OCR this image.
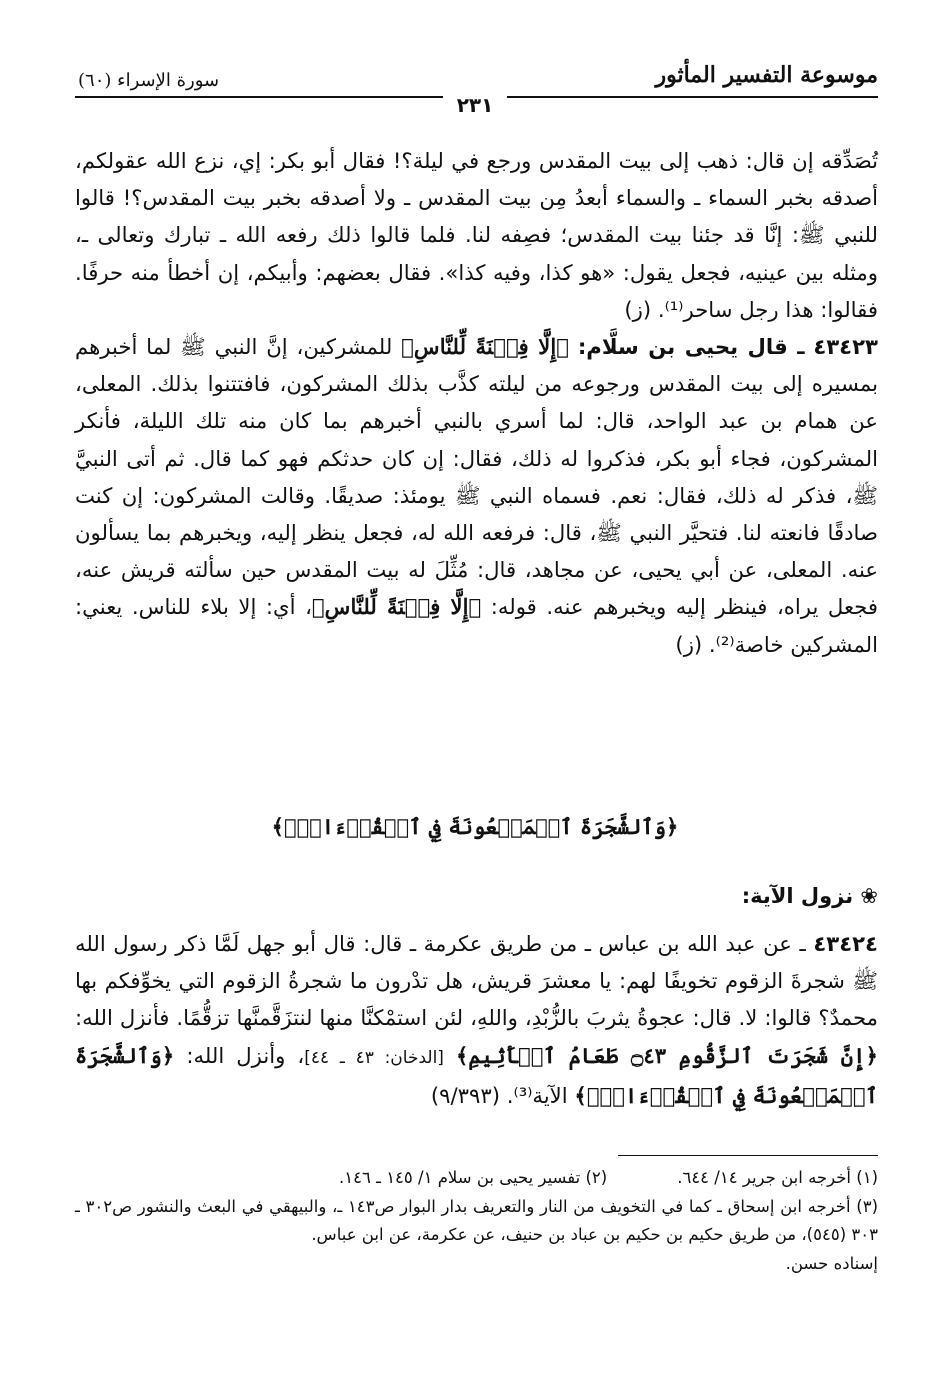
موسوعة التفسير المأثور
سورة الإسراء (٦٠)
٢٣١

تُصَدِّقه إن قال: ذهب إلى بيت المقدس ورجع في ليلة؟! فقال أبو بكر: إي، نزع الله عقولكم، أصدقه بخبر السماء ـ والسماء أبعدُ مِن بيت المقدس ـ ولا أصدقه بخبر بيت المقدس؟! قالوا للنبي ﷺ: إنَّا قد جئنا بيت المقدس؛ فصِفه لنا. فلما قالوا ذلك رفعه الله ـ تبارك وتعالى ـ، ومثله بين عينيه، فجعل يقول: «هو كذا، وفيه كذا». فقال بعضهم: وأبيكم، إن أخطأ منه حرفًا. فقالوا: هذا رجل ساحر⁽¹⁾. (ز)

٤٣٤٢٣ ـ قال يحيى بن سلَّام: ﴿إِلَّا فِتۡنَةً لِّلنَّاسِ﴾ للمشركين، إنَّ النبي ﷺ لما أخبرهم بمسيره إلى بيت المقدس ورجوعه من ليلته كذَّب بذلك المشركون، فافتتنوا بذلك. المعلى، عن همام بن عبد الواحد، قال: لما أسري بالنبي أخبرهم بما كان منه تلك الليلة، فأنكر المشركون، فجاء أبو بكر، فذكروا له ذلك، فقال: إن كان حدثكم فهو كما قال. ثم أتى النبيَّ ﷺ، فذكر له ذلك، فقال: نعم. فسماه النبي ﷺ يومئذ: صديقًا. وقالت المشركون: إن كنت صادقًا فانعته لنا. فتحيَّر النبي ﷺ، قال: فرفعه الله له، فجعل ينظر إليه، ويخبرهم بما يسألون عنه. المعلى، عن أبي يحيى، عن مجاهد، قال: مُثِّلَ له بيت المقدس حين سألته قريش عنه، فجعل يراه، فينظر إليه ويخبرهم عنه. قوله: ﴿إِلَّا فِتۡنَةً لِّلنَّاسِ﴾، أي: إلا بلاء للناس. يعني: المشركين خاصة⁽²⁾. (ز)

﴿وَٱلشَّجَرَةَ ٱلۡمَلۡعُونَةَ فِي ٱلۡقُرۡءَانِۚ﴾
❀ نزول الآية:

٤٣٤٢٤ ـ عن عبد الله بن عباس ـ من طريق عكرمة ـ قال: قال أبو جهل لَمَّا ذكر رسول الله ﷺ شجرةَ الزقوم تخويفًا لهم: يا معشرَ قريش، هل تدْرون ما شجرةُ الزقوم التي يخوِّفكم بها محمدٌ؟ قالوا: لا. قال: عجوةُ يثربَ بالزُّبْدِ، واللهِ، لئن استمْكنَّا منها لنتزَقَّمنَّها تزقُّمًا. فأنزل الله: ﴿إِنَّ شَجَرَتَ ٱلزَّقُّومِ ۝٤٣ طَعَامُ ٱلۡأَثِيمِ﴾ [الدخان: ٤٣ ـ ٤٤]، وأنزل الله: ﴿وَٱلشَّجَرَةَ ٱلۡمَلۡعُونَةَ فِي ٱلۡقُرۡءَانِۚ﴾ الآية⁽³⁾. (٩/٣٩٣)

(١) أخرجه ابن جرير ١٤/ ٦٤٤.
(٢) تفسير يحيى بن سلام ١/ ١٤٥ ـ ١٤٦.

(٣) أخرجه ابن إسحاق ـ كما في التخويف من النار والتعريف بدار البوار ص١٤٣ ـ، والبيهقي في البعث والنشور ص٣٠٢ ـ ٣٠٣ (٥٤٥)، من طريق حكيم بن حكيم بن عباد بن حنيف، عن عكرمة، عن ابن عباس.

إسناده حسن.
